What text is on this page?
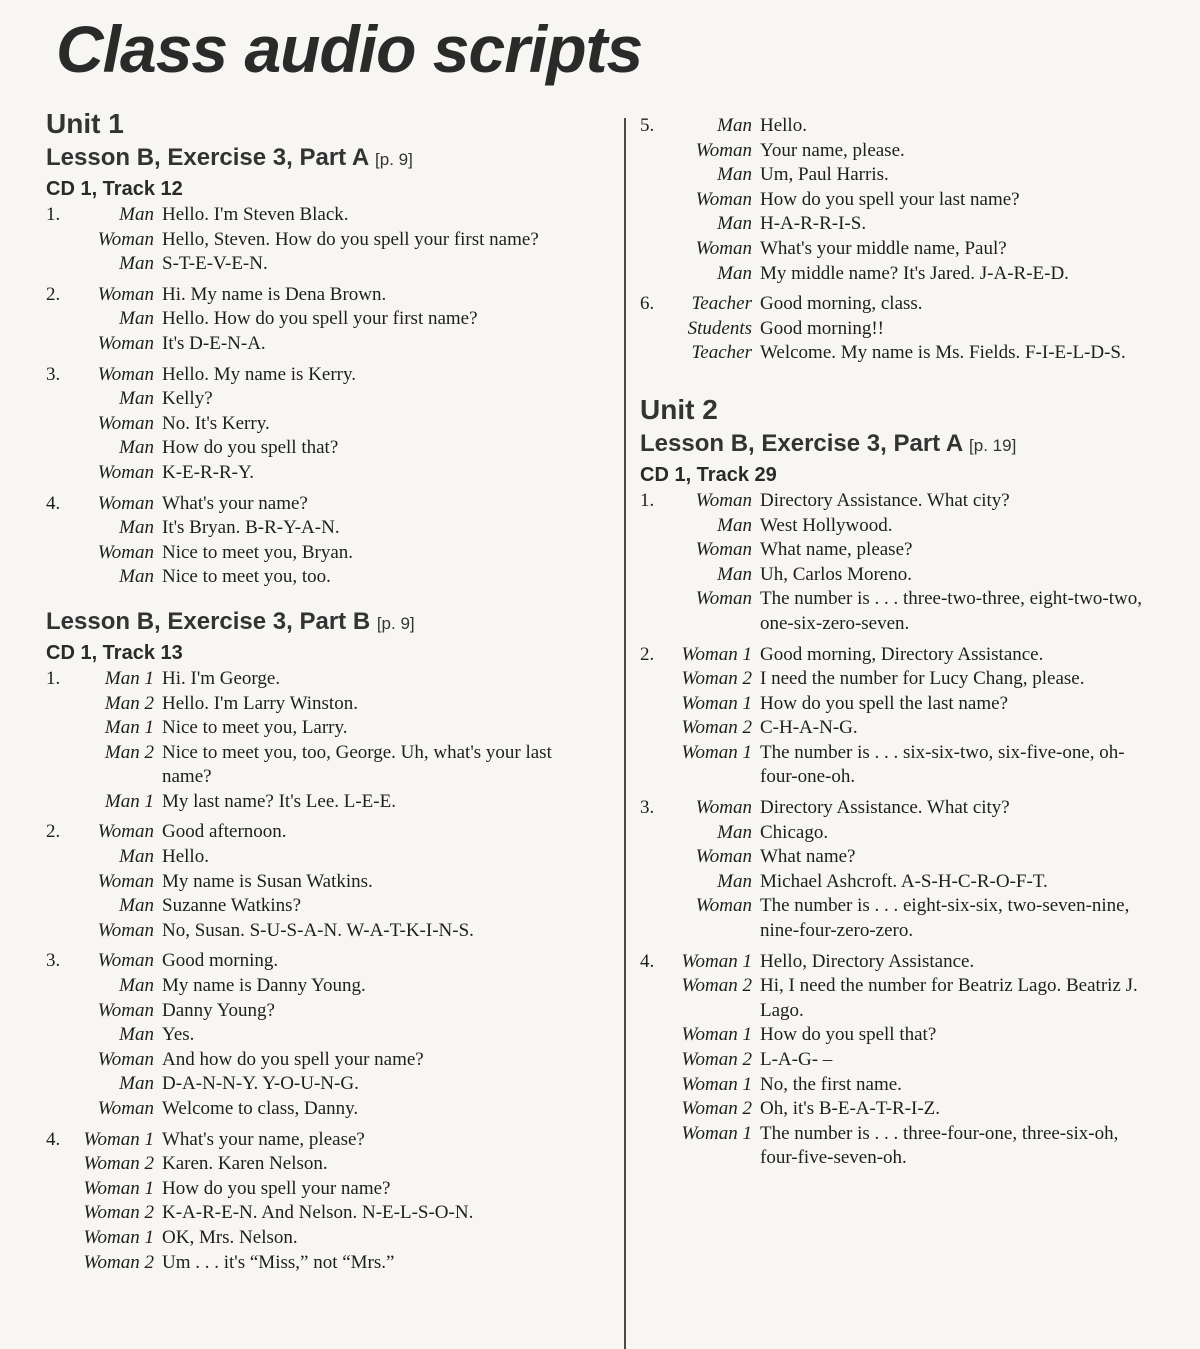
Class audio scripts
Unit 1
Lesson B, Exercise 3, Part A [p. 9]
CD 1, Track 12
1.	Man Hello. I'm Steven Black.
Woman Hello, Steven. How do you spell your first name?
Man S-T-E-V-E-N.
2.	Woman Hi. My name is Dena Brown.
Man Hello. How do you spell your first name?
Woman It's D-E-N-A.
3.	Woman Hello. My name is Kerry.
Man Kelly?
Woman No. It's Kerry.
Man How do you spell that?
Woman K-E-R-R-Y.
4.	Woman What's your name?
Man It's Bryan. B-R-Y-A-N.
Woman Nice to meet you, Bryan.
Man Nice to meet you, too.
Lesson B, Exercise 3, Part B [p. 9]
CD 1, Track 13
1.	Man 1 Hi. I'm George.
Man 2 Hello. I'm Larry Winston.
Man 1 Nice to meet you, Larry.
Man 2 Nice to meet you, too, George. Uh, what's your last name?
Man 1 My last name? It's Lee. L-E-E.
2.	Woman Good afternoon.
Man Hello.
Woman My name is Susan Watkins.
Man Suzanne Watkins?
Woman No, Susan. S-U-S-A-N. W-A-T-K-I-N-S.
3.	Woman Good morning.
Man My name is Danny Young.
Woman Danny Young?
Man Yes.
Woman And how do you spell your name?
Man D-A-N-N-Y. Y-O-U-N-G.
Woman Welcome to class, Danny.
4.	Woman 1 What's your name, please?
Woman 2 Karen. Karen Nelson.
Woman 1 How do you spell your name?
Woman 2 K-A-R-E-N. And Nelson. N-E-L-S-O-N.
Woman 1 OK, Mrs. Nelson.
Woman 2 Um . . . it's “Miss,” not “Mrs.”
5.	Man Hello.
Woman Your name, please.
Man Um, Paul Harris.
Woman How do you spell your last name?
Man H-A-R-R-I-S.
Woman What's your middle name, Paul?
Man My middle name? It's Jared. J-A-R-E-D.
6.	Teacher Good morning, class.
Students Good morning!!
Teacher Welcome. My name is Ms. Fields. F-I-E-L-D-S.
Unit 2
Lesson B, Exercise 3, Part A [p. 19]
CD 1, Track 29
1.	Woman Directory Assistance. What city?
Man West Hollywood.
Woman What name, please?
Man Uh, Carlos Moreno.
Woman The number is . . . three-two-three, eight-two-two, one-six-zero-seven.
2.	Woman 1 Good morning, Directory Assistance.
Woman 2 I need the number for Lucy Chang, please.
Woman 1 How do you spell the last name?
Woman 2 C-H-A-N-G.
Woman 1 The number is . . . six-six-two, six-five-one, oh-four-one-oh.
3.	Woman Directory Assistance. What city?
Man Chicago.
Woman What name?
Man Michael Ashcroft. A-S-H-C-R-O-F-T.
Woman The number is . . . eight-six-six, two-seven-nine, nine-four-zero-zero.
4.	Woman 1 Hello, Directory Assistance.
Woman 2 Hi, I need the number for Beatriz Lago. Beatriz J. Lago.
Woman 1 How do you spell that?
Woman 2 L-A-G- –
Woman 1 No, the first name.
Woman 2 Oh, it's B-E-A-T-R-I-Z.
Woman 1 The number is . . . three-four-one, three-six-oh, four-five-seven-oh.
